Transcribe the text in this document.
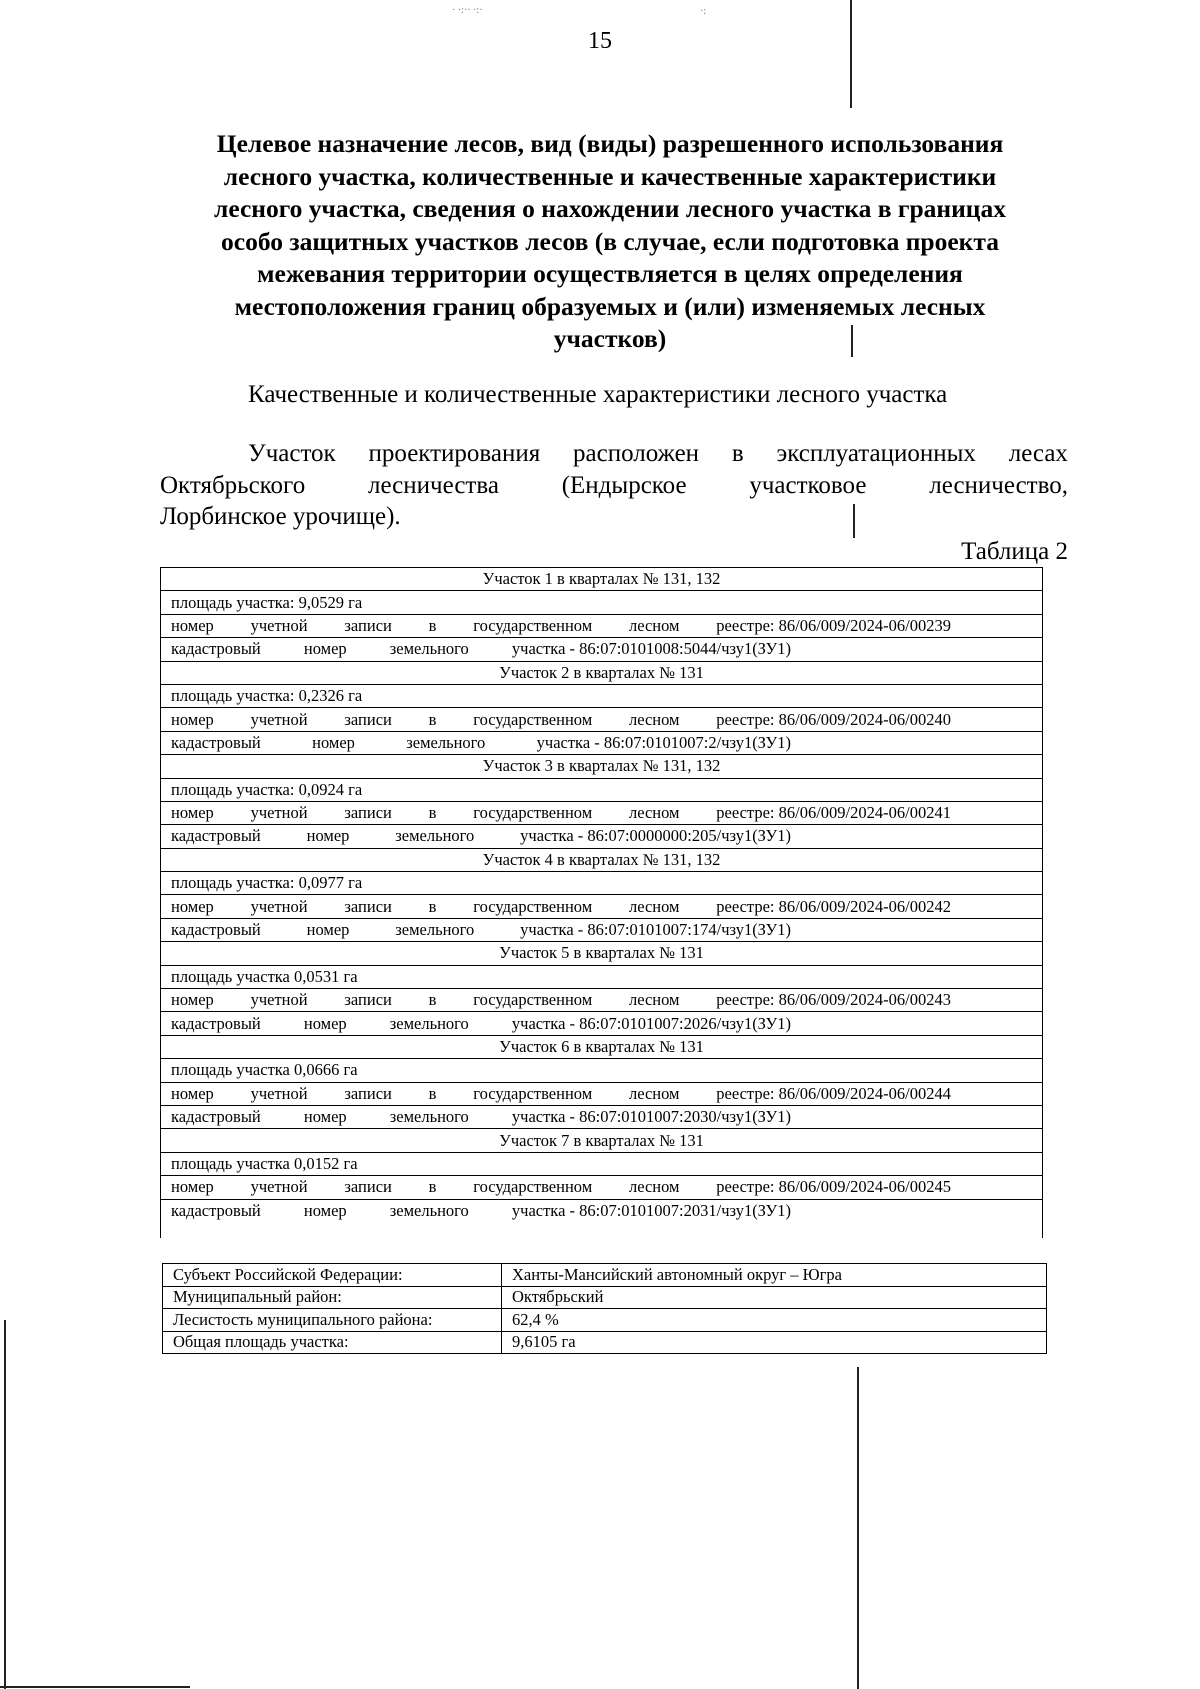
· ·:·· ·:·	·:
15
Целевое назначение лесов, вид (виды) разрешенного использования
лесного участка, количественные и качественные характеристики
лесного участка, сведения о нахождении лесного участка в границах
особо защитных участков лесов (в случае, если подготовка проекта
межевания территории осуществляется в целях определения
местоположения границ образуемых и (или) изменяемых лесных
участков)
Качественные и количественные характеристики лесного участка
Участок проектирования расположен в эксплуатационных лесах
Октябрьского	лесничества	(Ендырское	участковое	лесничество,
Лорбинское урочище).
Таблица 2
Участок 1 в кварталах № 131, 132
площадь участка: 9,0529 га

номер учетной записи в государственном лесном реестре: 86/06/009/2024-06/00239

кадастровый	номер	земельного	участка - 86:07:0101008:5044/чзу1(ЗУ1)

Участок 2 в кварталах № 131
площадь участка: 0,2326 га

номер учетной записи в государственном лесном реестре: 86/06/009/2024-06/00240

кадастровый	номер	земельного	участка - 86:07:0101007:2/чзу1(ЗУ1)

Участок 3 в кварталах № 131, 132
площадь участка: 0,0924 га

номер учетной записи в государственном лесном реестре: 86/06/009/2024-06/00241

кадастровый	номер	земельного	участка - 86:07:0000000:205/чзу1(ЗУ1)

Участок 4 в кварталах № 131, 132
площадь участка: 0,0977 га

номер учетной записи в государственном лесном реестре: 86/06/009/2024-06/00242

кадастровый	номер	земельного	участка - 86:07:0101007:174/чзу1(ЗУ1)

Участок 5 в кварталах № 131
площадь участка 0,0531 га

номер учетной записи в государственном лесном реестре: 86/06/009/2024-06/00243

кадастровый	номер	земельного	участка - 86:07:0101007:2026/чзу1(ЗУ1)

Участок 6 в кварталах № 131
площадь участка 0,0666 га

номер учетной записи в государственном лесном реестре: 86/06/009/2024-06/00244

кадастровый	номер	земельного	участка - 86:07:0101007:2030/чзу1(ЗУ1)

Участок 7 в кварталах № 131
площадь участка 0,0152 га

номер учетной записи в государственном лесном реестре: 86/06/009/2024-06/00245

кадастровый	номер	земельного	участка - 86:07:0101007:2031/чзу1(ЗУ1)

Субъект Российской Федерации:	Ханты-Мансийский автономный округ – Югра
Муниципальный район:	Октябрьский
Лесистость муниципального района:	62,4 %
Общая площадь участка:	9,6105 га
